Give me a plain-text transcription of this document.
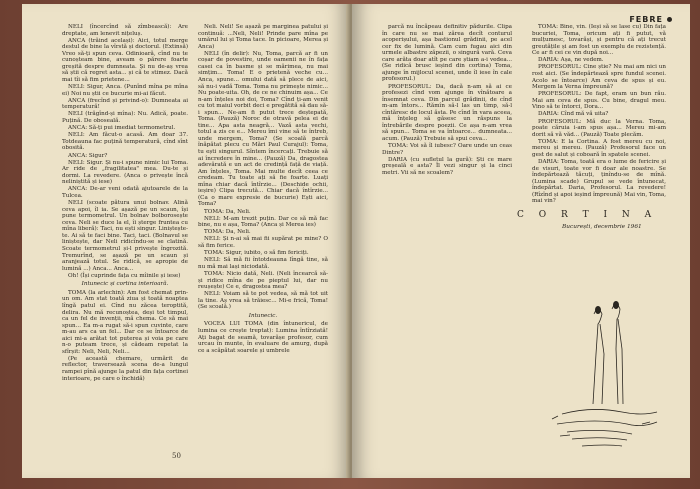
NELI (încercînd să zîmbească): Are dreptate, am lenevit nițeluș.

ANCA (trăind același): Aici, totul merge destul de bine la vîrstă și doctorul. (Extinsă) Vreo să-ți spun ceva. Odinioară, cînd nu te cunoșteam bine, aveam o părere foarte greșită despre dumneata. Și nu de-aș vrea să știi că regret asta... și că te stimez. Dacă mai tîi să fim prietene...

NELI: Sigur, Anca. (Punînd mîna pe mîna ei) Noi nu știi ce bucurie mi-ai făcut.

ANCA (frecînd și privind-o): Dumneata ai temperatură!

NELI (trăgînd-și mîna): Nu. Adică, poate. Puțină. De oboseală.

ANCA: Să-ți pui imediat termometrul.

NELI: Am făcut-o acasă. Am doar 37. Totdeauna fac puțină temperatură, cînd sînt obosită.

ANCA: Sigur?

NELI: Sigur. Și nu-i spune nimic lui Toma. Ar ride de „fragilitatea" mea. Du-te și dormi. La revedere. (Anca o privește încă neliniștită și iese)

ANCA: De-ar veni odată ajutoarele de la Tulcea.

NELI (scoate pătura unui bolnav. Alină ceva apoi, îl ia. Se așază pe un scaun, își pune termometrul. Un bolnav bolborosește ceva. Neli se duce la el, îi șterge fruntea cu mîna liberă): Taci, nu ești singur. Liniștește-te. Ai să te faci bine. Taci, taci. (Bolnavul se liniștește, dar Neli ridicîndu-se se clatină. Scoate termometrul și-l privește îngrozită. Tremurînd, se așază pe un scaun și aranjează totul. Se ridică, se apropie de lumină ...) Anca... Anca...

Oh! (Își cuprinde fața cu mîinile și iese)

Intunecic și cortina interioară.

TOMA (la arlechin): Am fost chemat prin-un om. Am stat toată ziua și toată noaptea lîngă patul ei. Cînd nu zăcea teroptită, delira. Nu mă recunoștea, deși tot timpul, ca un fel de invenții, mă chema. Ce să mai spun... Ea m-a rugat să-i spun cuvinte, care m-au ars ca un fel... Dar ce se întoarce de aici mi-a arătat tot puterea și voia pe care n-o puteam trece, și cădeam repetat la sfîrșit: Neli, Neli, Neli...

(Pe această chemare, urmărit de reflector, traversează scena de-a lungul rampei pînă ajunge la patul din fața cortinei interioare, pe care o închidă)

Neli. Neli! Se așază pe marginea patului și continuă: ...Neli, Neli! Prinde pare mîna pe umărul lui și Toma tace. In picioare, Merea și Anca)

NELI (în delir): Nu, Toma, parcă ar fi un coșar de povestire, unde oamenii ne în fața casei ca în basme și se mărimea, nu mai simțim... Toma! E o prietenă veche cu... Anca, spune... omului dată să plece de aici, să nu-i vadă Toma. Toma nu primește nimic... Nu poate-uita. Oh, de ce ne chinuim așa... Ce n-am înțeles noi doi, Toma? Cînd ți-am venit cu tot maiul vorbit deci e pregătită să dau să-i spun... Ne-am fi putut trece deștepată, Toma. (Pauză) Noroc de otravă pelea ei de tine... Apa asta neagră... Vază asta vechi, totul a zis ce e... Mereu îmi vine să te întreb, unde mergem, Toma? (Se scoală parcă înăpătat plecu cu Mări Paul Curajul): Toma, tu ești singurul. Sîntem încercați. Trebuie să ai încredere în mine... (Pauză) Da, dragostea adevărată e un act de credință față de viață. Am înțeles, Toma. Mai multe decît ceea ce credeam. Tu toate ați să fie foarte. Luați mîna chiar dacă întîrzie... (Deschide ochii, ieșire) Clipa trecută... Chiar dacă întîrzie... (Ca o mare expresie de bucurie) Ești aici, Toma?

TOMA: Da, Neli.

NELI: M-am trezit puțin. Dar ce să mă fac bine, nu e așa, Toma? (Anca și Merea ies)

TOMA: Da, Neli.

NELI: Și n-ai să mai fii supărat pe mine? O să fim ferice.

TOMA: Sigur, iubito, o să fim fericiți.

NELI: Să mă fii întotdeauna lîngă tine, să nu mă mai lași niciodată.

TOMA: Nicio dată, Neli. (Neli încearcă să-și ridice mîna de pe pieptul lui, dar nu reușește) Ce e, dragostea mea?

NELI: Voiam să te pot vedea, să mă tot uit la tine. Aș vrea să trăiesc... Mi-e frică, Toma! (Se scoală.)

Intunecic.

VOCEA LUI TOMA (din întunericul, de lumina ce crește treptat): Lumina întîrziată! Ați bagat de seamă, tovarășe profesor, cum urcau în munte, în evaluare de amurg, după ce a scăpătat soarele și umbrele

50
FEBRE

parcă nu încăpeau definitiv pădurile. Clipa în care nu se mai zărea decît conturul acoperișului, așa bastionul grădinii, pe acel cer fix de lumină. Cam cum fugau aici din urmele albastre zăpezii, o singură vară. Ceva care arăta doar atît pe care știam a-i vedea... (Se ridică brusc ieșind din cortina) Toma, ajunge în mijlocul scenei, unde îl iese în cale profesorul.)

PROFESORUL: Da, dacă n-am să ai ce profesezi cînd vom ajunge în vînătoare a însemnat ceva. Din parcul grădinii, de cînd m-am întors... Rămîn să-l las un timp, să-l cîntăresc de locul ăsta. Pe cînd în vara aceea, mă înțeleg să găsesc un răspuns la întrebările despre poezii. Ce așa n-am vrea să spun... Toma se va întoarce... dumneata... acum. (Pauză) Trebuie să spui ceva...

TOMA: Voi să îl iubesc? Oare unde un ceas Dintre?

DARIA (cu sufletul la gură): Ști ce mare greșeală e asta? Îl vezi singur și la cinci metri. Vii să ne scoalem?

TOMA: Bine, vin. (Ieși să se lase cu) Din fața bucuriei, Toma, oricum ați fi putut, vă mulțumesc, tovarăși, și pentru că ați trecut greutățile și am fost un exemplu de rezistență. Ce ar fi cei ce vin după noi...

DARIA: Așa, ne vedem.

PROFESORUL: Cine știe? Nu mai am nici un rost aici. (Se îndepărtează spre fundul scenei. Acolo se întoarce) Am ceva de spus și eu. Mergem la Verna împreună?

PROFESORUL: De fapt, eram un bun rău. Mai am ceva de spus. Cu bine, dragul meu. Vino să te întorci, Dora...

DARIA: Cînd mă vă uita?

PROFESORUL: Mă duc la Verna. Toma, poate căruia i-am spus așa... Mereu mi-am dorit să vă văd... (Pauză) Toate plecăm.

TOMA: E la Cortina. A fost mereu cu noi, mereu și mereu. (Pauză) Profesorul face un gest de salut și coboară în spatele scenei.

DARIA: Toma, toată era o lume de fericire și de visuri, toate vor fi doar ale noastre. Se îndepărtează tăcuți, ținîndu-se de mînă. (Lumina scade) Grupul se vede întunecat, îndepărtat. Daria, Profesorul. La revedere! (Rîzînd și apoi ieșind împreună) Mai vin, Toma, mai vin?

C O R T I N A
București, decembrie 1961
